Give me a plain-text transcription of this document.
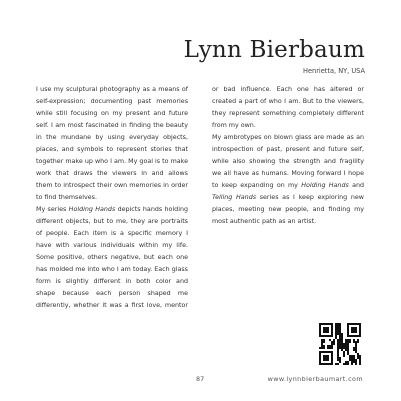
Lynn Bierbaum
Henrietta, NY, USA
87	www.lynnbierbaumart.com

I use my sculptural photography as a means of self-expression; documenting past memories while still focusing on my present and future self. I am most fascinated in finding the beauty in the mundane by using everyday objects, places, and symbols to represent stories that together make up who I am. My goal is to make work that draws the viewers in and allows them to introspect their own memories in order to find themselves.

My series Holding Hands depicts hands holding different objects, but to me, they are portraits of people. Each item is a specific memory I have with various individuals within my life. Some positive, others negative, but each one has molded me into who I am today. Each glass form is slightly different in both color and shape because each person shaped me differently, whether it was a first love, mentor or bad influence. Each one has altered or created a part of who I am. But to the viewers, they represent something completely different from my own.

My ambrotypes on blown glass are made as an introspection of past, present and future self, while also showing the strength and fragility we all have as humans. Moving forward I hope to keep expanding on my Holding Hands and Telling Hands series as I keep exploring new places, meeting new people, and finding my most authentic path as an artist.
